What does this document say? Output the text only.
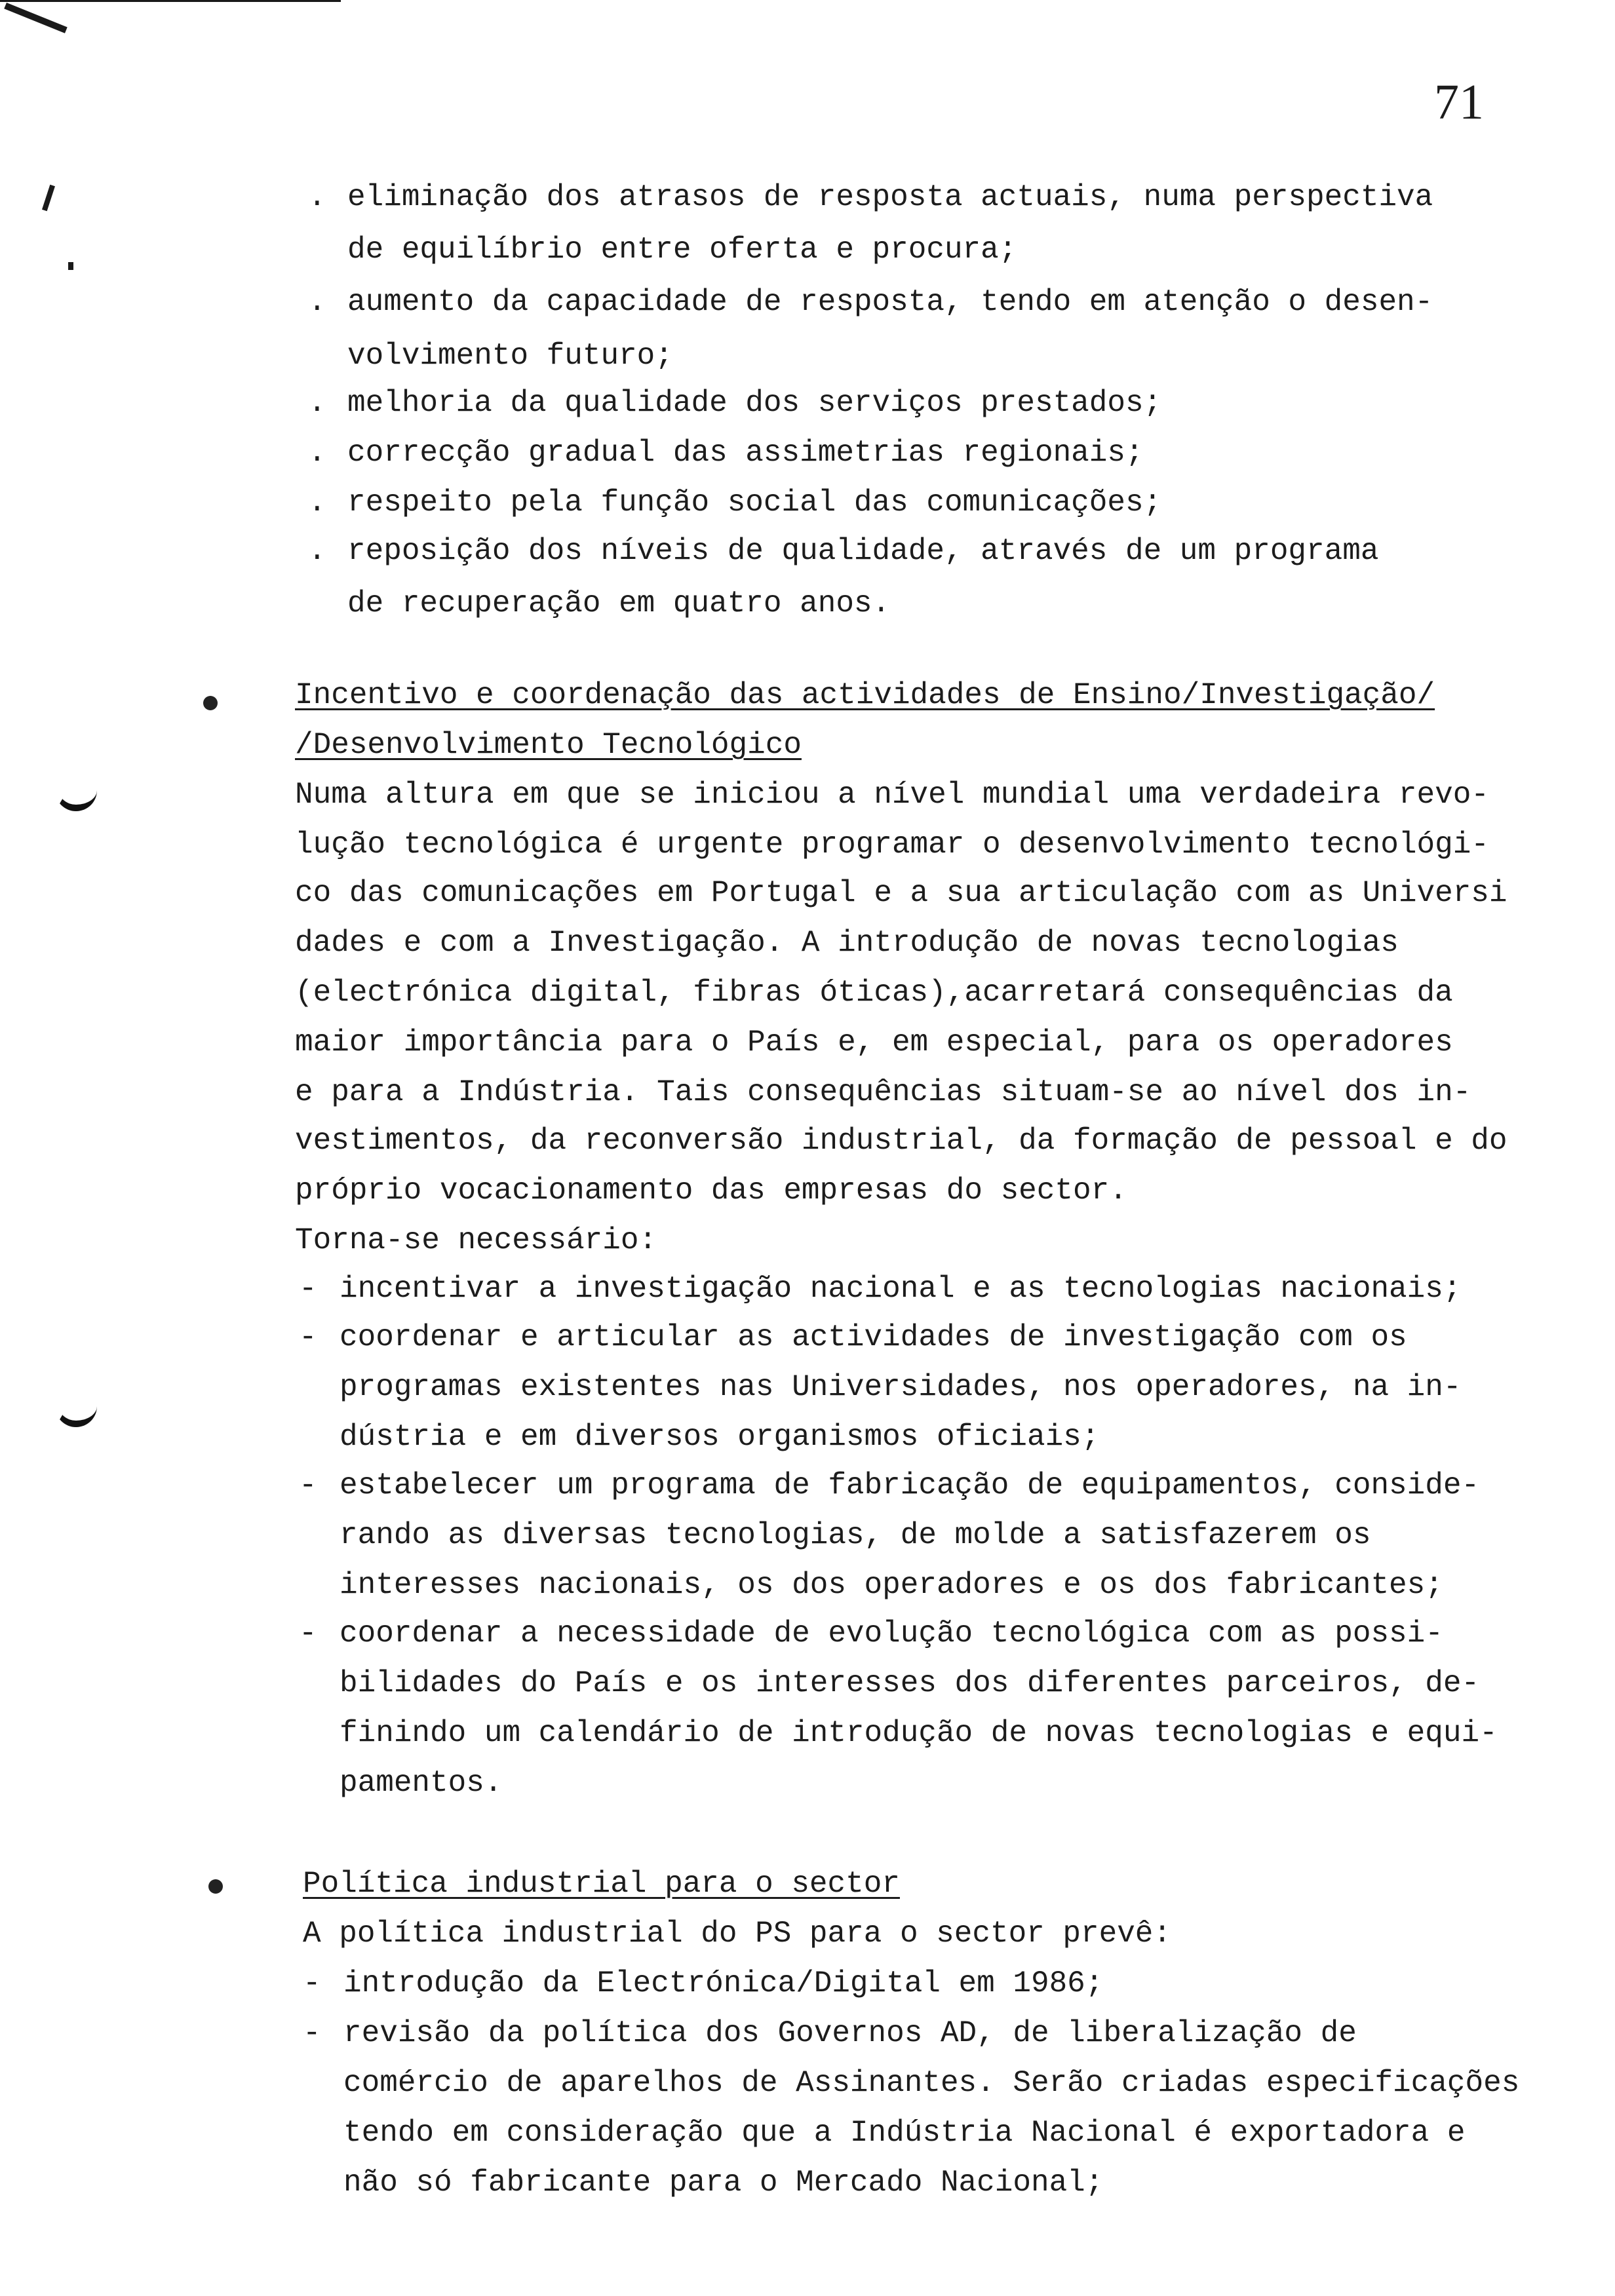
71
. eliminação dos atrasos de resposta actuais, numa perspectiva
de equilíbrio entre oferta e procura;
. aumento da capacidade de resposta, tendo em atenção o desen-
volvimento futuro;
. melhoria da qualidade dos serviços prestados;
. correcção gradual das assimetrias regionais;
. respeito pela função social das comunicações;
. reposição dos níveis de qualidade, através de um programa
de recuperação em quatro anos.
Incentivo e coordenação das actividades de Ensino/Investigação/
/Desenvolvimento Tecnológico
Numa altura em que se iniciou a nível mundial uma verdadeira revo-
lução tecnológica é urgente programar o desenvolvimento tecnológi-
co das comunicações em Portugal e a sua articulação com as Universi
dades e com a Investigação. A introdução de novas tecnologias
(electrónica digital, fibras óticas),acarretará consequências da
maior importância para o País e, em especial, para os operadores
e para a Indústria. Tais consequências situam-se ao nível dos in-
vestimentos, da reconversão industrial, da formação de pessoal e do
próprio vocacionamento das empresas do sector.
Torna-se necessário:
- incentivar a investigação nacional e as tecnologias nacionais;
- coordenar e articular as actividades de investigação com os
programas existentes nas Universidades, nos operadores, na in-
dústria e em diversos organismos oficiais;
- estabelecer um programa de fabricação de equipamentos, conside-
rando as diversas tecnologias, de molde a satisfazerem os
interesses nacionais, os dos operadores e os dos fabricantes;
- coordenar a necessidade de evolução tecnológica com as possi-
bilidades do País e os interesses dos diferentes parceiros, de-
finindo um calendário de introdução de novas tecnologias e equi-
pamentos.
Política industrial para o sector
A política industrial do PS para o sector prevê:
- introdução da Electrónica/Digital em 1986;
- revisão da política dos Governos AD, de liberalização de
comércio de aparelhos de Assinantes. Serão criadas especificações
tendo em consideração que a Indústria Nacional é exportadora e
não só fabricante para o Mercado Nacional;
